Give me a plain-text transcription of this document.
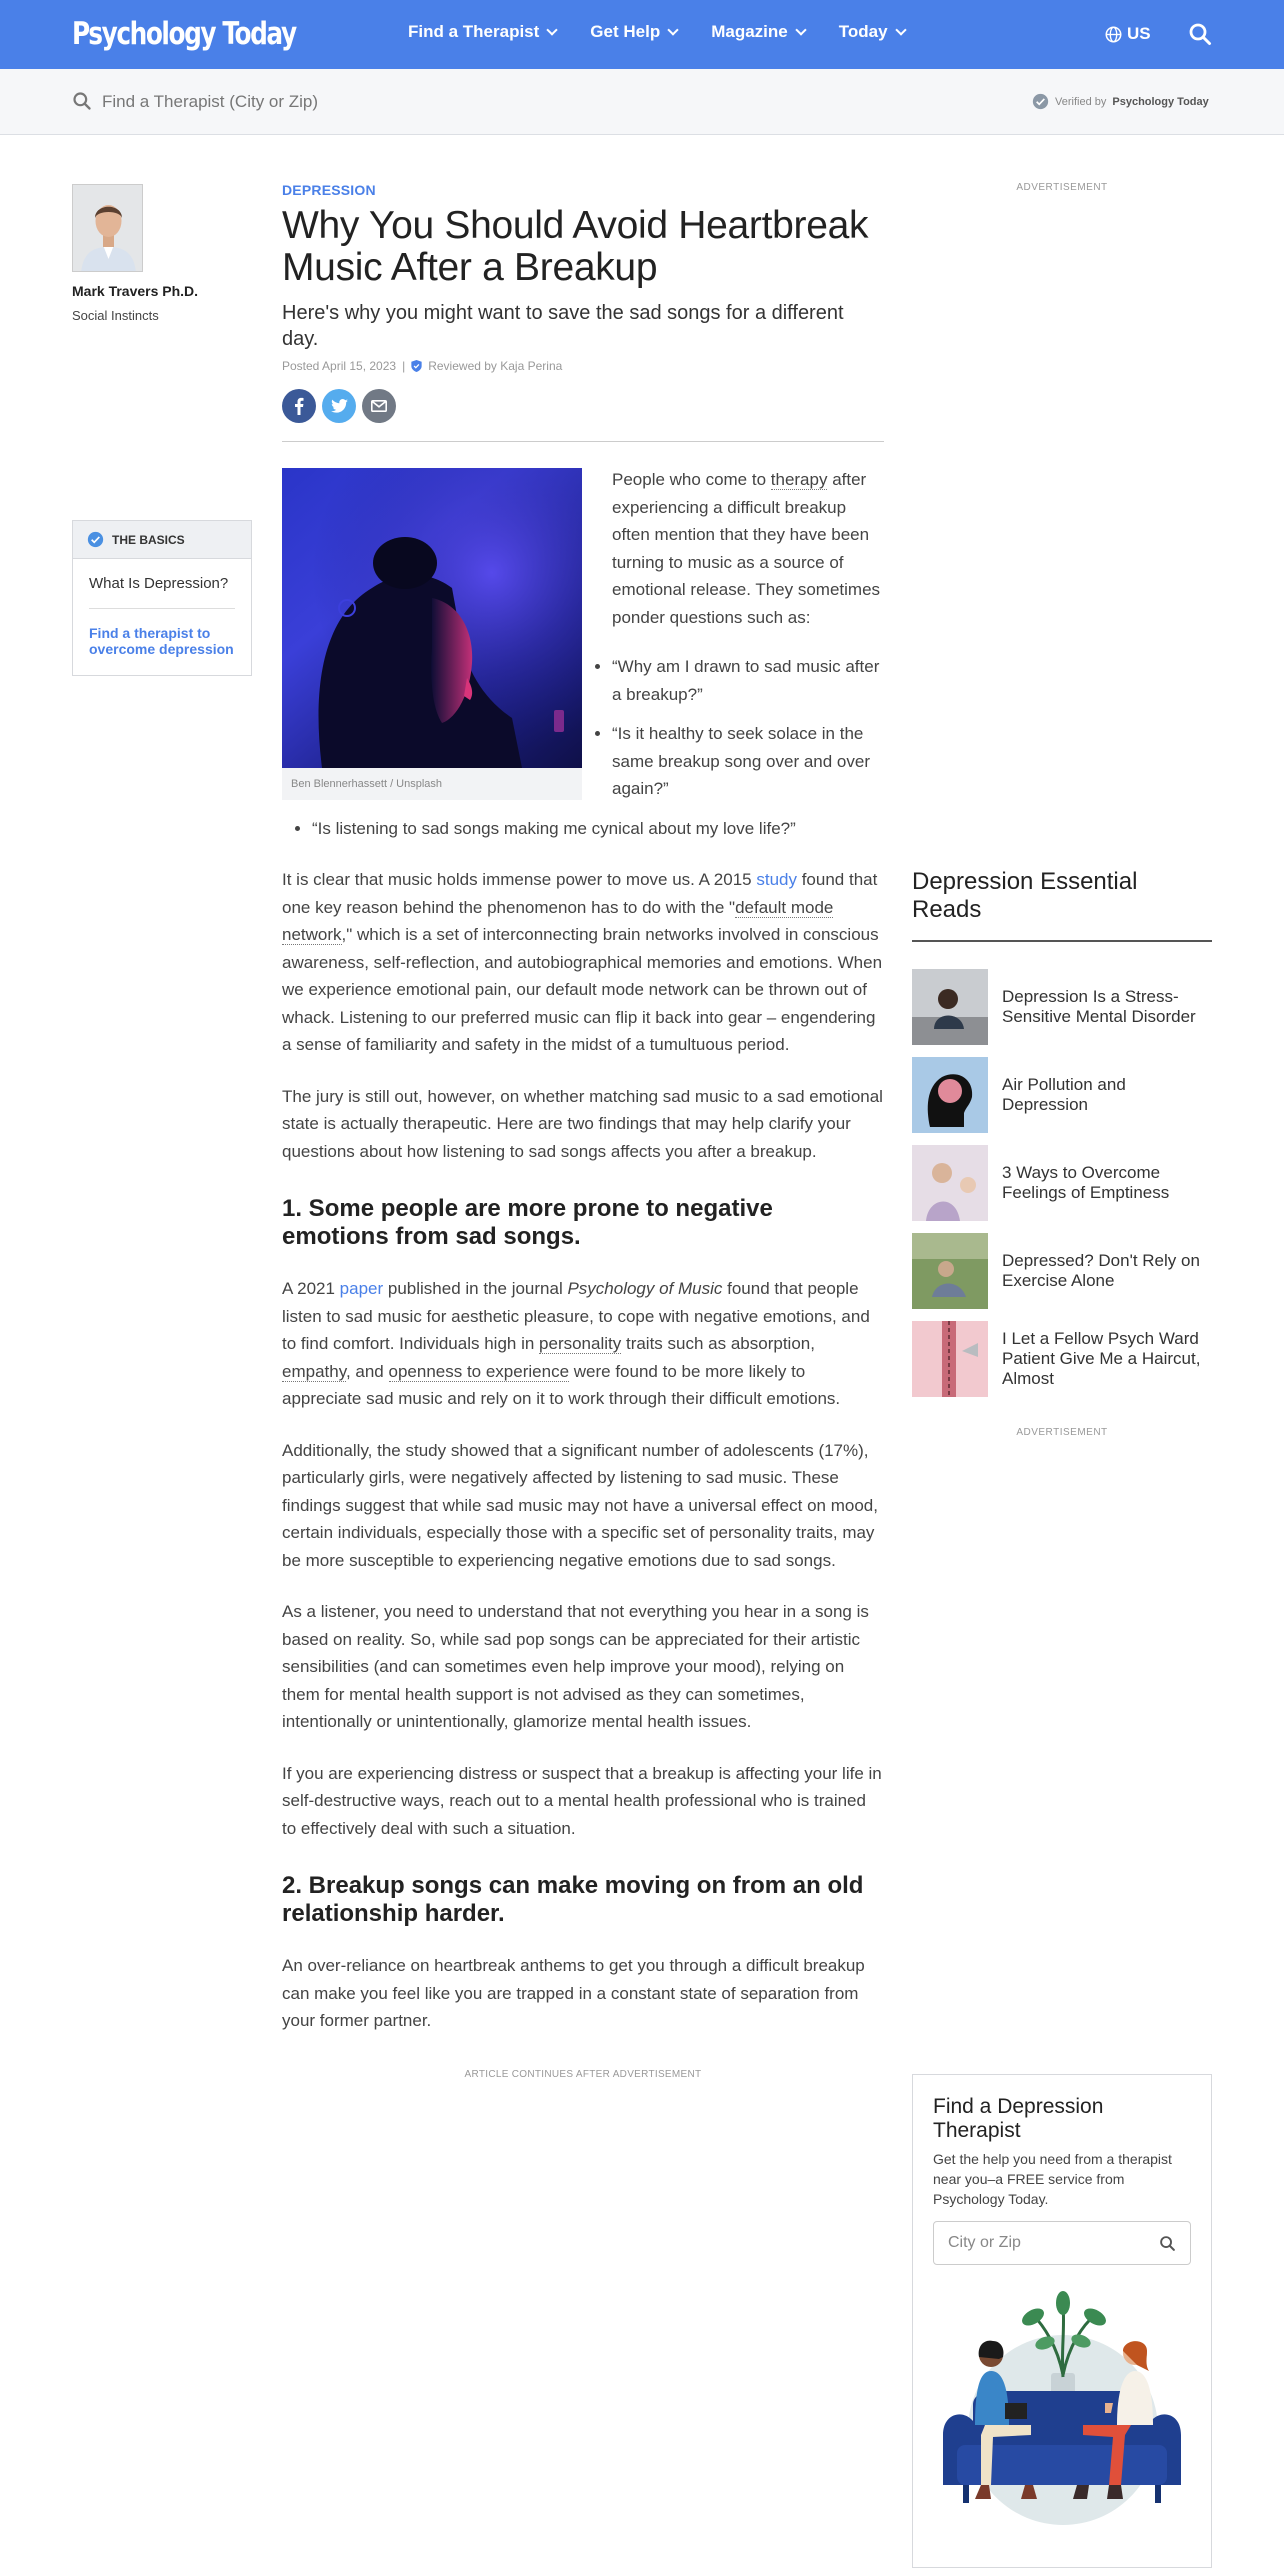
Psychology Today	Find a Therapist	Get Help	Magazine	Today	US
Find a Therapist (City or Zip)
Verified by Psychology Today
Mark Travers Ph.D.
Social Instincts
THE BASICS
What Is Depression?
Find a therapist to overcome depression
DEPRESSION
Why You Should Avoid Heartbreak Music After a Breakup
Here's why you might want to save the sad songs for a different day.
Posted April 15, 2023 | Reviewed by Kaja Perina
Ben Blennerhassett / Unsplash
People who come to therapy after experiencing a difficult breakup often mention that they have been turning to music as a source of emotional release. They sometimes ponder questions such as:
• “Why am I drawn to sad music after a breakup?”
• “Is it healthy to seek solace in the same breakup song over and over again?”
• “Is listening to sad songs making me cynical about my love life?”

It is clear that music holds immense power to move us. A 2015 study found that one key reason behind the phenomenon has to do with the "default mode network," which is a set of interconnecting brain networks involved in conscious awareness, self-reflection, and autobiographical memories and emotions. When we experience emotional pain, our default mode network can be thrown out of whack. Listening to our preferred music can flip it back into gear – engendering a sense of familiarity and safety in the midst of a tumultuous period.

The jury is still out, however, on whether matching sad music to a sad emotional state is actually therapeutic. Here are two findings that may help clarify your questions about how listening to sad songs affects you after a breakup.

1. Some people are more prone to negative emotions from sad songs.

A 2021 paper published in the journal Psychology of Music found that people listen to sad music for aesthetic pleasure, to cope with negative emotions, and to find comfort. Individuals high in personality traits such as absorption, empathy, and openness to experience were found to be more likely to appreciate sad music and rely on it to work through their difficult emotions.

Additionally, the study showed that a significant number of adolescents (17%), particularly girls, were negatively affected by listening to sad music. These findings suggest that while sad music may not have a universal effect on mood, certain individuals, especially those with a specific set of personality traits, may be more susceptible to experiencing negative emotions due to sad songs.

As a listener, you need to understand that not everything you hear in a song is based on reality. So, while sad pop songs can be appreciated for their artistic sensibilities (and can sometimes even help improve your mood), relying on them for mental health support is not advised as they can sometimes, intentionally or unintentionally, glamorize mental health issues.

If you are experiencing distress or suspect that a breakup is affecting your life in self-destructive ways, reach out to a mental health professional who is trained to effectively deal with such a situation.

2. Breakup songs can make moving on from an old relationship harder.

An over-reliance on heartbreak anthems to get you through a difficult breakup can make you feel like you are trapped in a constant state of separation from your former partner.

ARTICLE CONTINUES AFTER ADVERTISEMENT
ADVERTISEMENT
Depression Essential Reads
Depression Is a Stress-Sensitive Mental Disorder
Air Pollution and Depression
3 Ways to Overcome Feelings of Emptiness
Depressed? Don't Rely on Exercise Alone
I Let a Fellow Psych Ward Patient Give Me a Haircut, Almost
ADVERTISEMENT
Find a Depression Therapist
Get the help you need from a therapist near you–a FREE service from Psychology Today.
City or Zip
